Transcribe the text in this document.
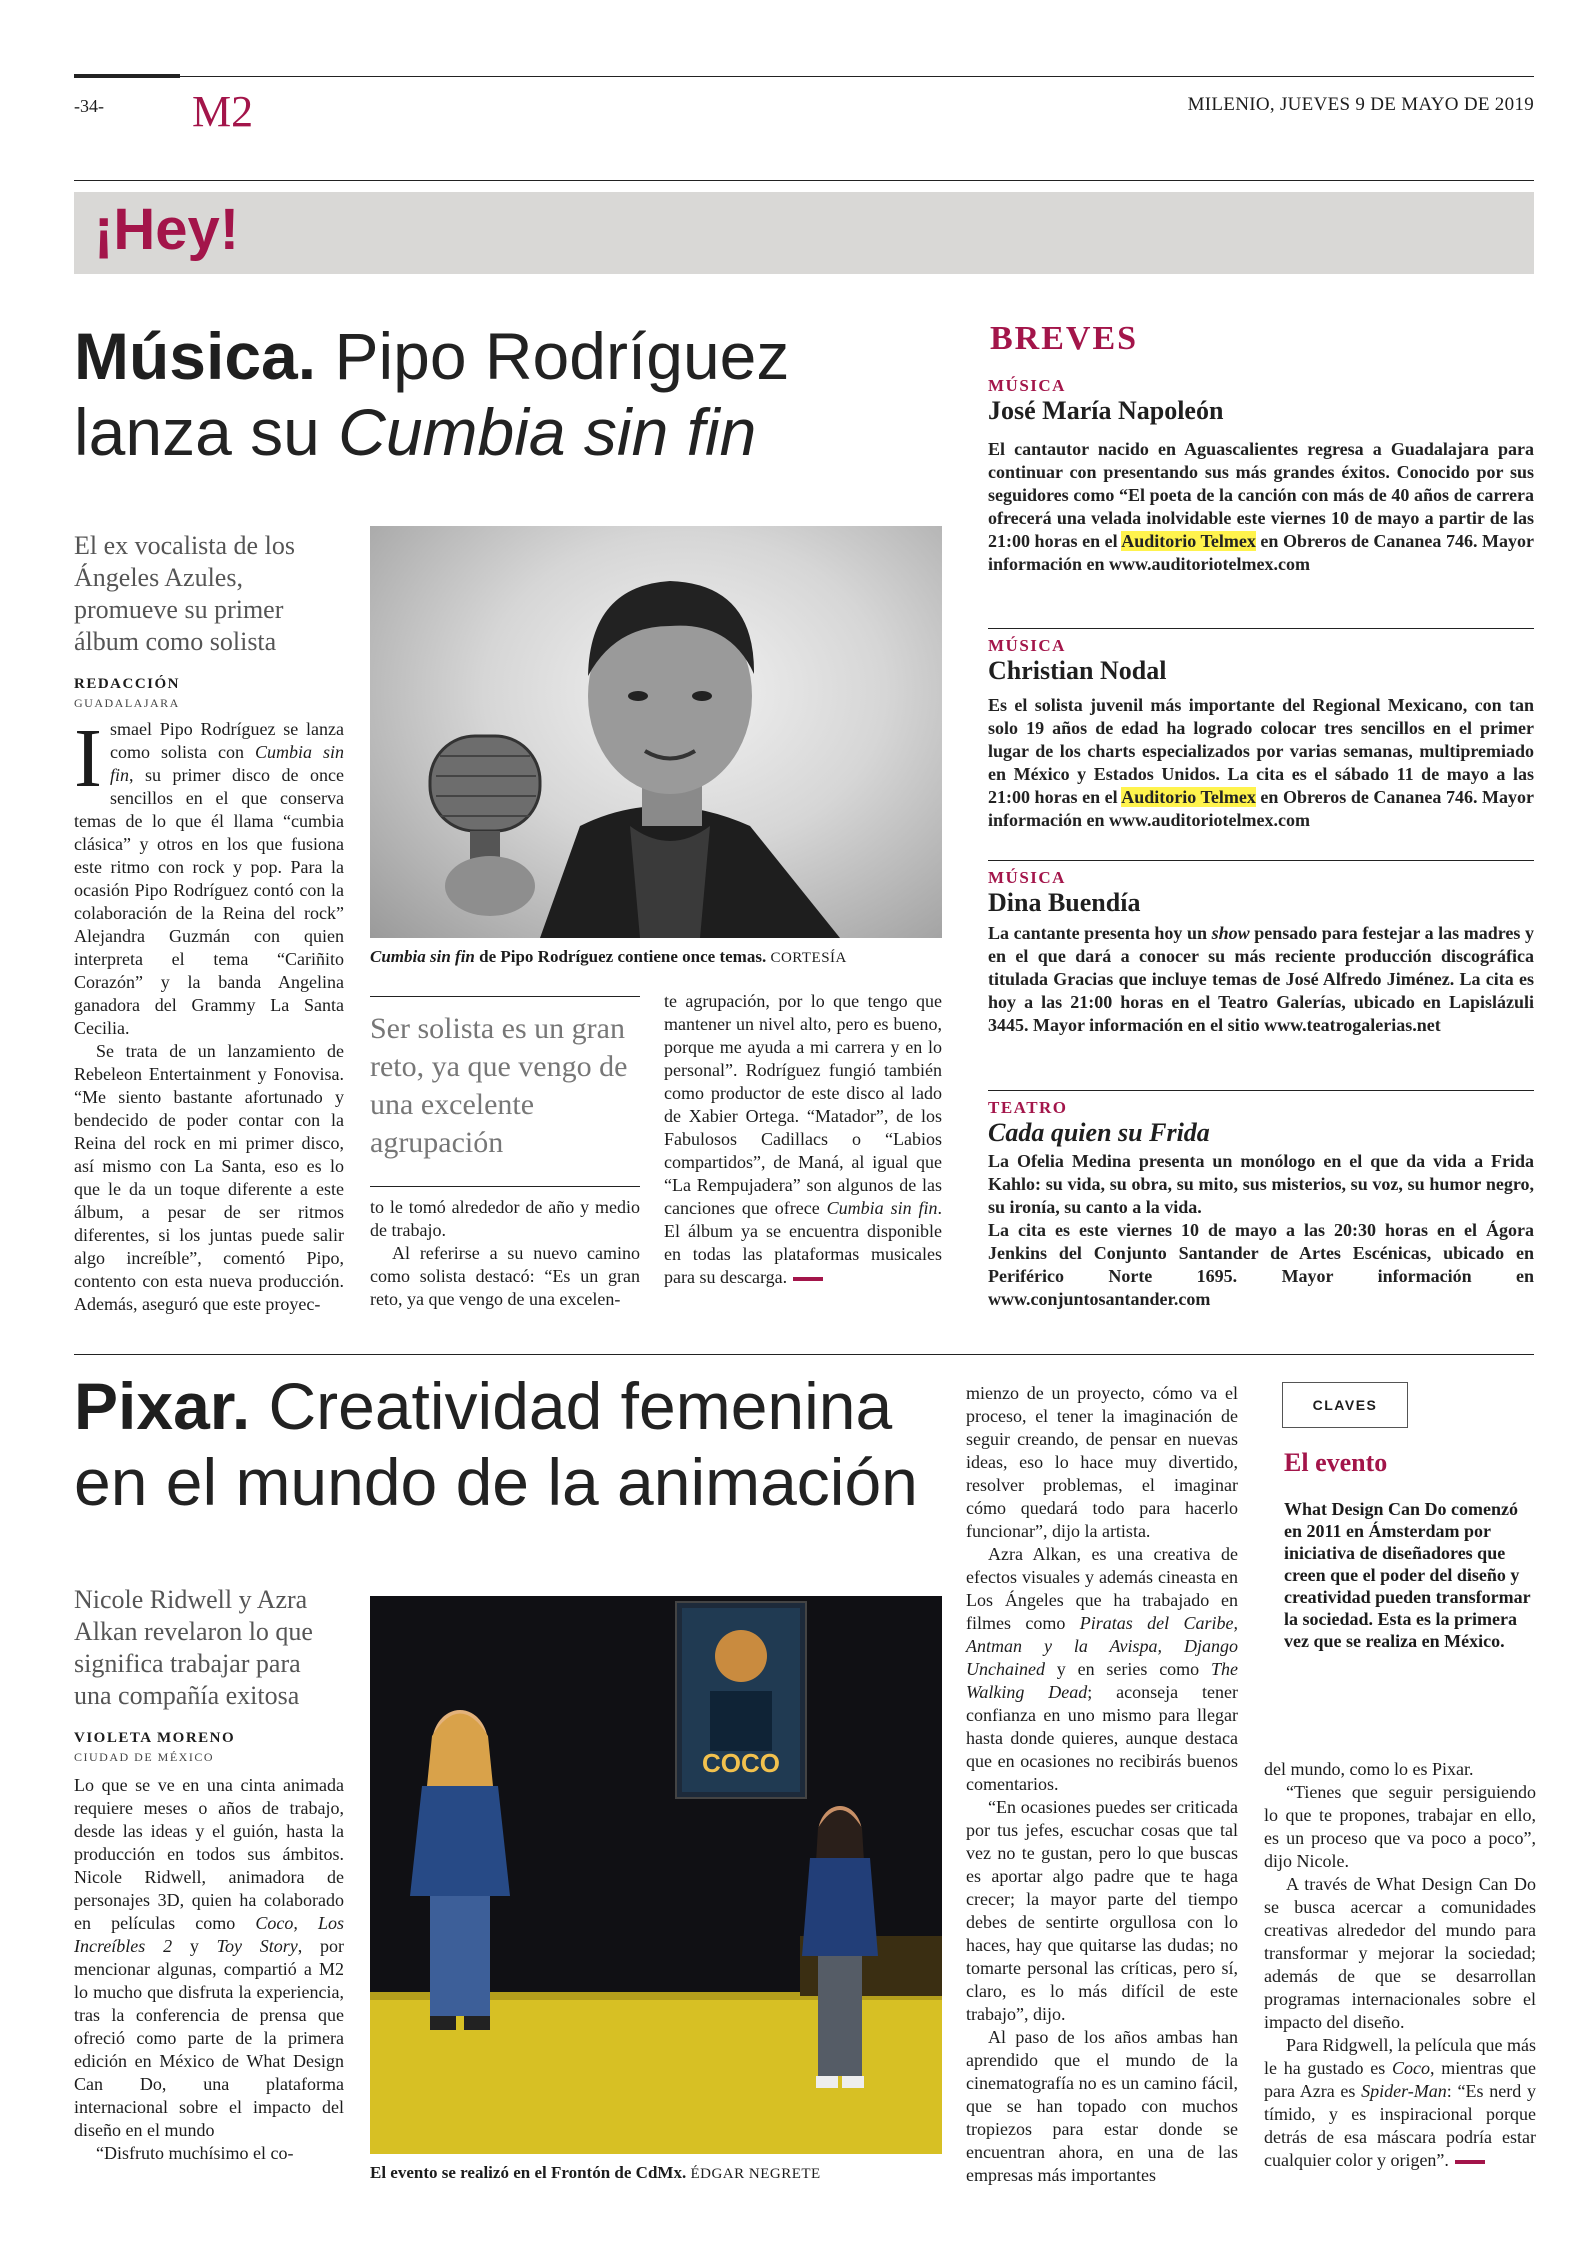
-34- M2	MILENIO, JUEVES 9 DE MAYO DE 2019
¡Hey!
Música. Pipo Rodríguez
lanza su Cumbia sin fin
El ex vocalista de los Ángeles Azules, promueve su primer álbum como solista
REDACCIÓN
GUADALAJARA

Ismael Pipo Rodríguez se lanza como solista con Cumbia sin fin, su primer disco de once sencillos en el que conserva temas de lo que él llama “cumbia clásica” y otros en los que fusiona este ritmo con rock y pop. Para la ocasión Pipo Rodríguez contó con la colaboración de la Reina del rock” Alejandra Guzmán con quien interpreta el tema “Cariñito Corazón” y la banda Angelina ganadora del Grammy La Santa Cecilia.

Se trata de un lanzamiento de Rebeleon Entertainment y Fonovisa. “Me siento bastante afortunado y bendecido de poder contar con la Reina del rock en mi primer disco, así mismo con La Santa, eso es lo que le da un toque diferente a este álbum, a pesar de ser ritmos diferentes, si los juntas puede salir algo increíble”, comentó Pipo, contento con esta nueva producción. Además, aseguró que este proyec-

Cumbia sin fin de Pipo Rodríguez contiene once temas. CORTESÍA
Ser solista es un gran reto, ya que vengo de una excelente agrupación

to le tomó alrededor de año y medio de trabajo.

Al referirse a su nuevo camino como solista destacó: “Es un gran reto, ya que vengo de una excelen-

te agrupación, por lo que tengo que mantener un nivel alto, pero es bueno, porque me ayuda a mi carrera y en lo personal”. Rodríguez fungió también como productor de este disco al lado de Xabier Ortega. “Matador”, de los Fabulosos Cadillacs o “Labios compartidos”, de Maná, al igual que “La Rempujadera” son algunos de las canciones que ofrece Cumbia sin fin. El álbum ya se encuentra disponible en todas las plataformas musicales para su descarga.

BREVES
MÚSICA
José María Napoleón
El cantautor nacido en Aguascalientes regresa a Guadalajara para continuar con presentando sus más grandes éxitos. Conocido por sus seguidores como “El poeta de la canción con más de 40 años de carrera ofrecerá una velada inolvidable este viernes 10 de mayo a partir de las 21:00 horas en el Auditorio Telmex en Obreros de Cananea 746. Mayor información en www.auditoriotelmex.com
MÚSICA
Christian Nodal
Es el solista juvenil más importante del Regional Mexicano, con tan solo 19 años de edad ha logrado colocar tres sencillos en el primer lugar de los charts especializados por varias semanas, multipremiado en México y Estados Unidos. La cita es el sábado 11 de mayo a las 21:00 horas en el Auditorio Telmex en Obreros de Cananea 746. Mayor información en www.auditoriotelmex.com
MÚSICA
Dina Buendía
La cantante presenta hoy un show pensado para festejar a las madres y en el que dará a conocer su más reciente producción discográfica titulada Gracias que incluye temas de José Alfredo Jiménez. La cita es hoy a las 21:00 horas en el Teatro Galerías, ubicado en Lapislázuli 3445. Mayor información en el sitio www.teatrogalerias.net
TEATRO
Cada quien su Frida
La Ofelia Medina presenta un monólogo en el que da vida a Frida Kahlo: su vida, su obra, su mito, sus misterios, su voz, su humor negro, su ironía, su canto a la vida.
La cita es este viernes 10 de mayo a las 20:30 horas en el Ágora Jenkins del Conjunto Santander de Artes Escénicas, ubicado en Periférico Norte 1695. Mayor información en www.conjuntosantander.com
Pixar. Creatividad femenina
en el mundo de la animación
Nicole Ridwell y Azra Alkan revelaron lo que significa trabajar para una compañía exitosa
VIOLETA MORENO
CIUDAD DE MÉXICO

Lo que se ve en una cinta animada requiere meses o años de trabajo, desde las ideas y el guión, hasta la producción en todos sus ámbitos. Nicole Ridwell, animadora de personajes 3D, quien ha colaborado en películas como Coco, Los Increíbles 2 y Toy Story, por mencionar algunas, compartió a M2 lo mucho que disfruta la experiencia, tras la conferencia de prensa que ofreció como parte de la primera edición en México de What Design Can Do, una plataforma internacional sobre el impacto del diseño en el mundo

“Disfruto muchísimo el co-

COCO
El evento se realizó en el Frontón de CdMx. ÉDGAR NEGRETE

mienzo de un proyecto, cómo va el proceso, el tener la imaginación de seguir creando, de pensar en nuevas ideas, eso lo hace muy divertido, resolver problemas, el imaginar cómo quedará todo para hacerlo funcionar”, dijo la artista.

Azra Alkan, es una creativa de efectos visuales y además cineasta en Los Ángeles que ha trabajado en filmes como Piratas del Caribe, Antman y la Avispa, Django Unchained y en series como The Walking Dead; aconseja tener confianza en uno mismo para llegar hasta donde quieres, aunque destaca que en ocasiones no recibirás buenos comentarios.

“En ocasiones puedes ser criticada por tus jefes, escuchar cosas que tal vez no te gustan, pero lo que buscas es aportar algo padre que te haga crecer; la mayor parte del tiempo debes de sentirte orgullosa con lo haces, hay que quitarse las dudas; no tomarte personal las críticas, pero sí, claro, es lo más difícil de este trabajo”, dijo.

Al paso de los años ambas han aprendido que el mundo de la cinematografía no es un camino fácil, que se han topado con muchos tropiezos para estar donde se encuentran ahora, en una de las empresas más importantes

CLAVES
El evento
What Design Can Do comenzó en 2011 en Ámsterdam por iniciativa de diseñadores que creen que el poder del diseño y creatividad pueden transformar la sociedad. Esta es la primera vez que se realiza en México.

del mundo, como lo es Pixar.

“Tienes que seguir persiguiendo lo que te propones, trabajar en ello, es un proceso que va poco a poco”, dijo Nicole.

A través de What Design Can Do se busca acercar a comunidades creativas alrededor del mundo para transformar y mejorar la sociedad; además de que se desarrollan programas internacionales sobre el impacto del diseño.

Para Ridgwell, la película que más le ha gustado es Coco, mientras que para Azra es Spider-Man: “Es nerd y tímido, y es inspiracional porque detrás de esa máscara podría estar cualquier color y origen”.
